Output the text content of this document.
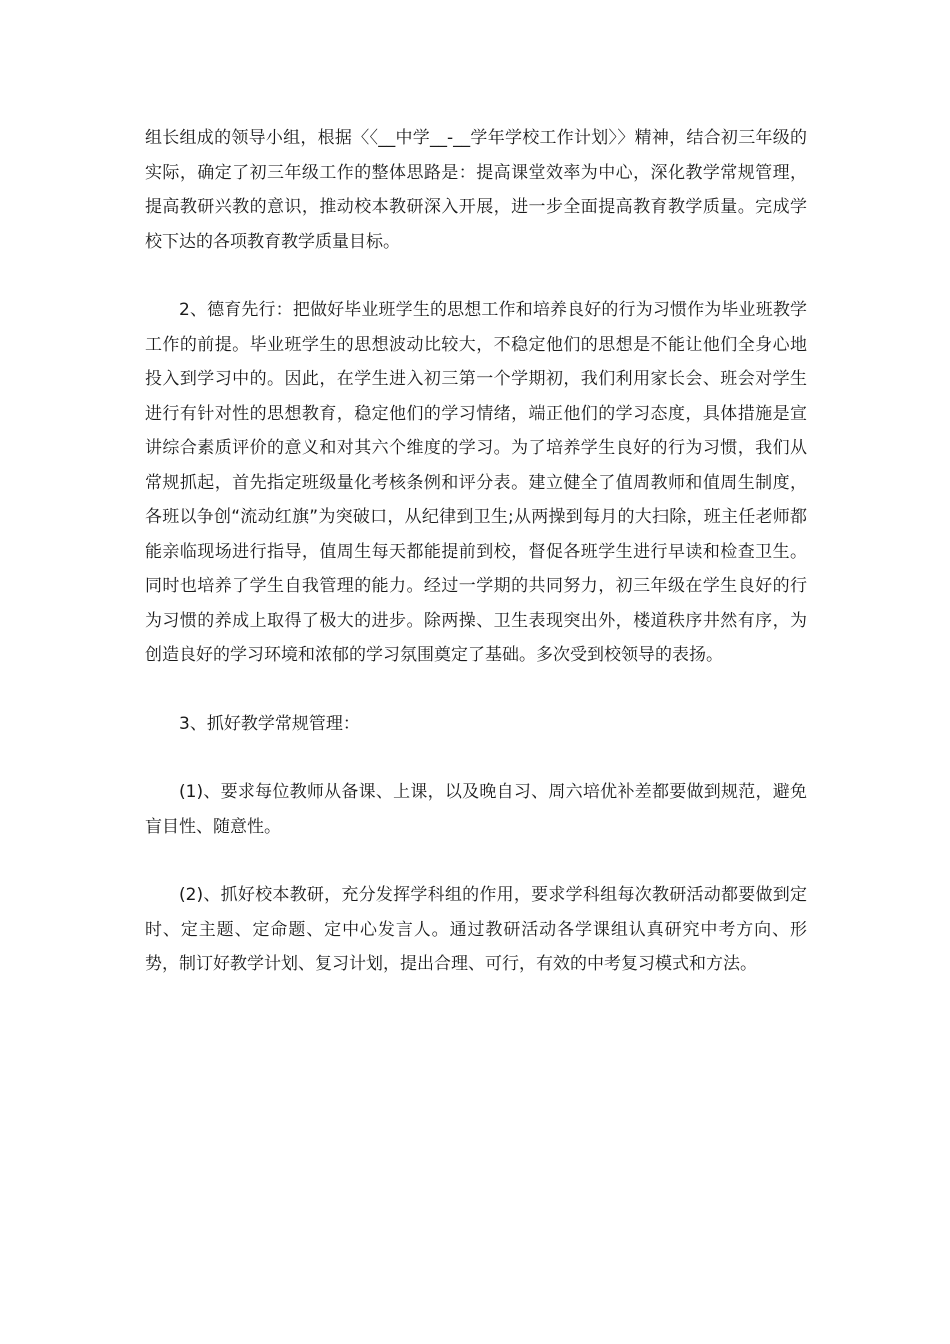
组长组成的领导小组，根据〈〈__中学__-__学年学校工作计划〉〉精神，结合初三年级的实际，确定了初三年级工作的整体思路是：提高课堂效率为中心，深化教学常规管理，提高教研兴教的意识，推动校本教研深入开展，进一步全面提高教育教学质量。完成学校下达的各项教育教学质量目标。

2、德育先行：把做好毕业班学生的思想工作和培养良好的行为习惯作为毕业班教学工作的前提。毕业班学生的思想波动比较大，不稳定他们的思想是不能让他们全身心地投入到学习中的。因此，在学生进入初三第一个学期初，我们利用家长会、班会对学生进行有针对性的思想教育，稳定他们的学习情绪，端正他们的学习态度，具体措施是宣讲综合素质评价的意义和对其六个维度的学习。为了培养学生良好的行为习惯，我们从常规抓起，首先指定班级量化考核条例和评分表。建立健全了值周教师和值周生制度，各班以争创“流动红旗”为突破口，从纪律到卫生;从两操到每月的大扫除，班主任老师都能亲临现场进行指导，值周生每天都能提前到校，督促各班学生进行早读和检查卫生。同时也培养了学生自我管理的能力。经过一学期的共同努力，初三年级在学生良好的行为习惯的养成上取得了极大的进步。除两操、卫生表现突出外，楼道秩序井然有序，为创造良好的学习环境和浓郁的学习氛围奠定了基础。多次受到校领导的表扬。

3、抓好教学常规管理：

(1)、要求每位教师从备课、上课，以及晚自习、周六培优补差都要做到规范，避免盲目性、随意性。

(2)、抓好校本教研，充分发挥学科组的作用，要求学科组每次教研活动都要做到定时、定主题、定命题、定中心发言人。通过教研活动各学课组认真研究中考方向、形势，制订好教学计划、复习计划，提出合理、可行，有效的中考复习模式和方法。
